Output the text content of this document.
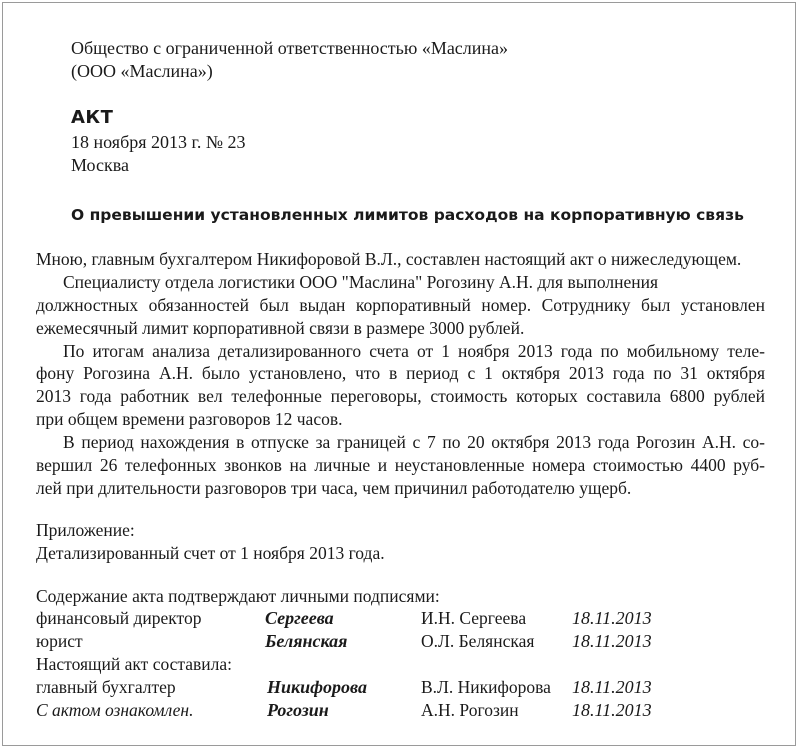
Общество с ограниченной ответственностью «Маслина»
(ООО «Маслина»)
АКТ
18 ноября 2013 г. № 23
Москва
О превышении установленных лимитов расходов на корпоративную связь
Мною, главным бухгалтером Никифоровой В.Л., составлен настоящий акт о нижеследующем.
Специалисту отдела логистики ООО "Маслина" Рогозину А.Н. для выполнения
должностных обязанностей был выдан корпоративный номер. Сотруднику был установлен
ежемесячный лимит корпоративной связи в размере 3000 рублей.
По итогам анализа детализированного счета от 1 ноября 2013 года по мобильному теле-
фону Рогозина А.Н. было установлено, что в период с 1 октября 2013 года по 31 октября
2013 года работник вел телефонные переговоры, стоимость которых составила 6800 рублей
при общем времени разговоров 12 часов.
В период нахождения в отпуске за границей с 7 по 20 октября 2013 года Рогозин А.Н. со-
вершил 26 телефонных звонков на личные и неустановленные номера стоимостью 4400 руб-
лей при длительности разговоров три часа, чем причинил работодателю ущерб.
Приложение:
Детализированный счет от 1 ноября 2013 года.
Содержание акта подтверждают личными подписями:
финансовый директор	Сергеева	И.Н. Сергеева	18.11.2013
юрист	Белянская	О.Л. Белянская 18.11.2013
Настоящий акт составила:
главный бухгалтер	Никифорова	В.Л. Никифорова 18.11.2013
С актом ознакомлен.	Рогозин	А.Н. Рогозин	18.11.2013
